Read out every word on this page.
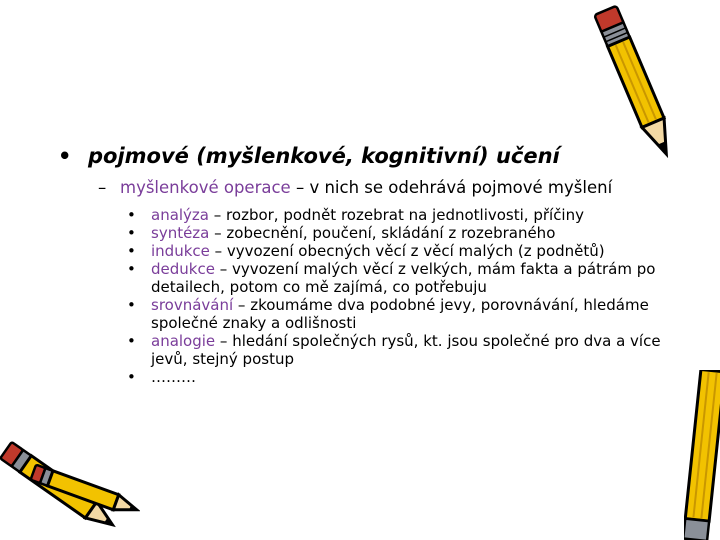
• pojmové (myšlenkové, kognitivní) učení
– myšlenkové operace – v nich se odehrává pojmové myšlení
• analýza – rozbor, podnět rozebrat na jednotlivosti, příčiny
• syntéza – zobecnění, poučení, skládání z rozebraného
• indukce – vyvození obecných věcí z věcí malých (z podnětů)
• dedukce – vyvození malých věcí z velkých, mám fakta a pátrám po detailech, potom co mě zajímá, co potřebuju
• srovnávání – zkoumáme dva podobné jevy, porovnávání, hledáme společné znaky a odlišnosti
• analogie – hledání společných rysů, kt. jsou společné pro dva a více jevů, stejný postup
• ………
